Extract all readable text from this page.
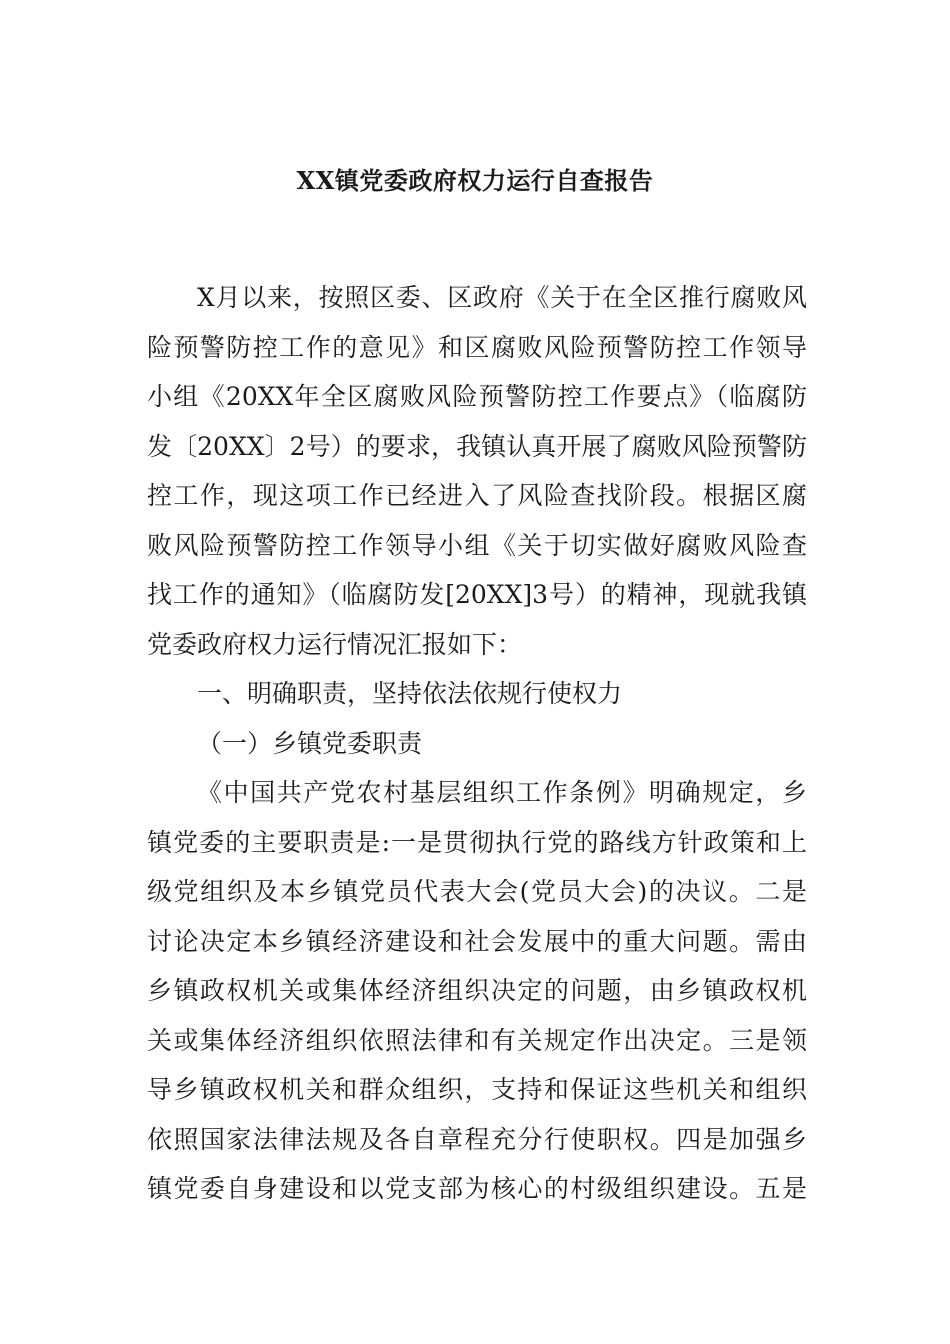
XX镇党委政府权力运行自查报告
X月以来，按照区委、区政府《关于在全区推行腐败风
险预警防控工作的意见》和区腐败风险预警防控工作领导
小组《20XX年全区腐败风险预警防控工作要点》（临腐防
发〔20XX〕2号）的要求，我镇认真开展了腐败风险预警防
控工作，现这项工作已经进入了风险查找阶段。根据区腐
败风险预警防控工作领导小组《关于切实做好腐败风险查
找工作的通知》（临腐防发[20XX]3号）的精神，现就我镇
党委政府权力运行情况汇报如下：
一、明确职责，坚持依法依规行使权力
（一）乡镇党委职责
《中国共产党农村基层组织工作条例》明确规定，乡
镇党委的主要职责是:一是贯彻执行党的路线方针政策和上
级党组织及本乡镇党员代表大会(党员大会)的决议。二是
讨论决定本乡镇经济建设和社会发展中的重大问题。需由
乡镇政权机关或集体经济组织决定的问题，由乡镇政权机
关或集体经济组织依照法律和有关规定作出决定。三是领
导乡镇政权机关和群众组织，支持和保证这些机关和组织
依照国家法律法规及各自章程充分行使职权。四是加强乡
镇党委自身建设和以党支部为核心的村级组织建设。五是
